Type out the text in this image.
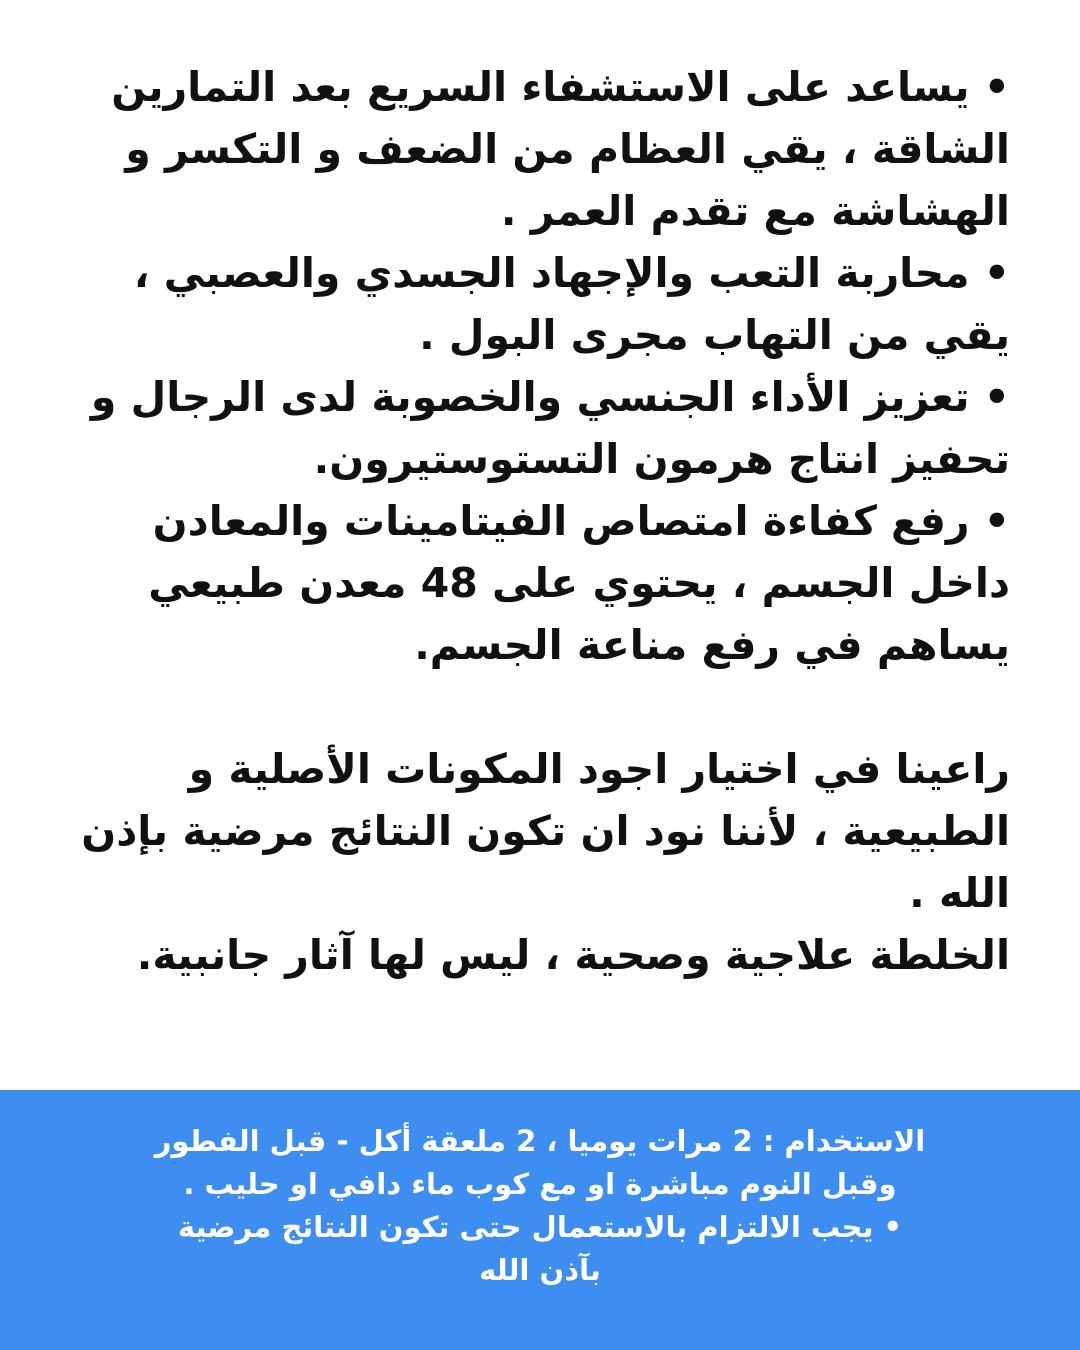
• يساعد على الاستشفاء السريع بعد التمارين الشاقة ، يقي العظام من الضعف و التكسر و الهشاشة مع تقدم العمر .

• محاربة التعب والإجهاد الجسدي والعصبي ، يقي من التهاب مجرى البول .

• تعزيز الأداء الجنسي والخصوبة لدى الرجال و تحفيز انتاج هرمون التستوستيرون.

• رفع كفاءة امتصاص الفيتامينات والمعادن داخل الجسم ، يحتوي على 48 معدن طبيعي يساهم في رفع مناعة الجسم.

راعينا في اختيار اجود المكونات الأصلية و الطبيعية ، لأننا نود ان تكون النتائج مرضية بإذن الله .

الخلطة علاجية وصحية ، ليس لها آثار جانبية.

الاستخدام : 2 مرات يوميا ، 2 ملعقة أكل - قبل الفطور

وقبل النوم مباشرة او مع كوب ماء دافي او حليب .

• يجب الالتزام بالاستعمال حتى تكون النتائج مرضية

بآذن الله
